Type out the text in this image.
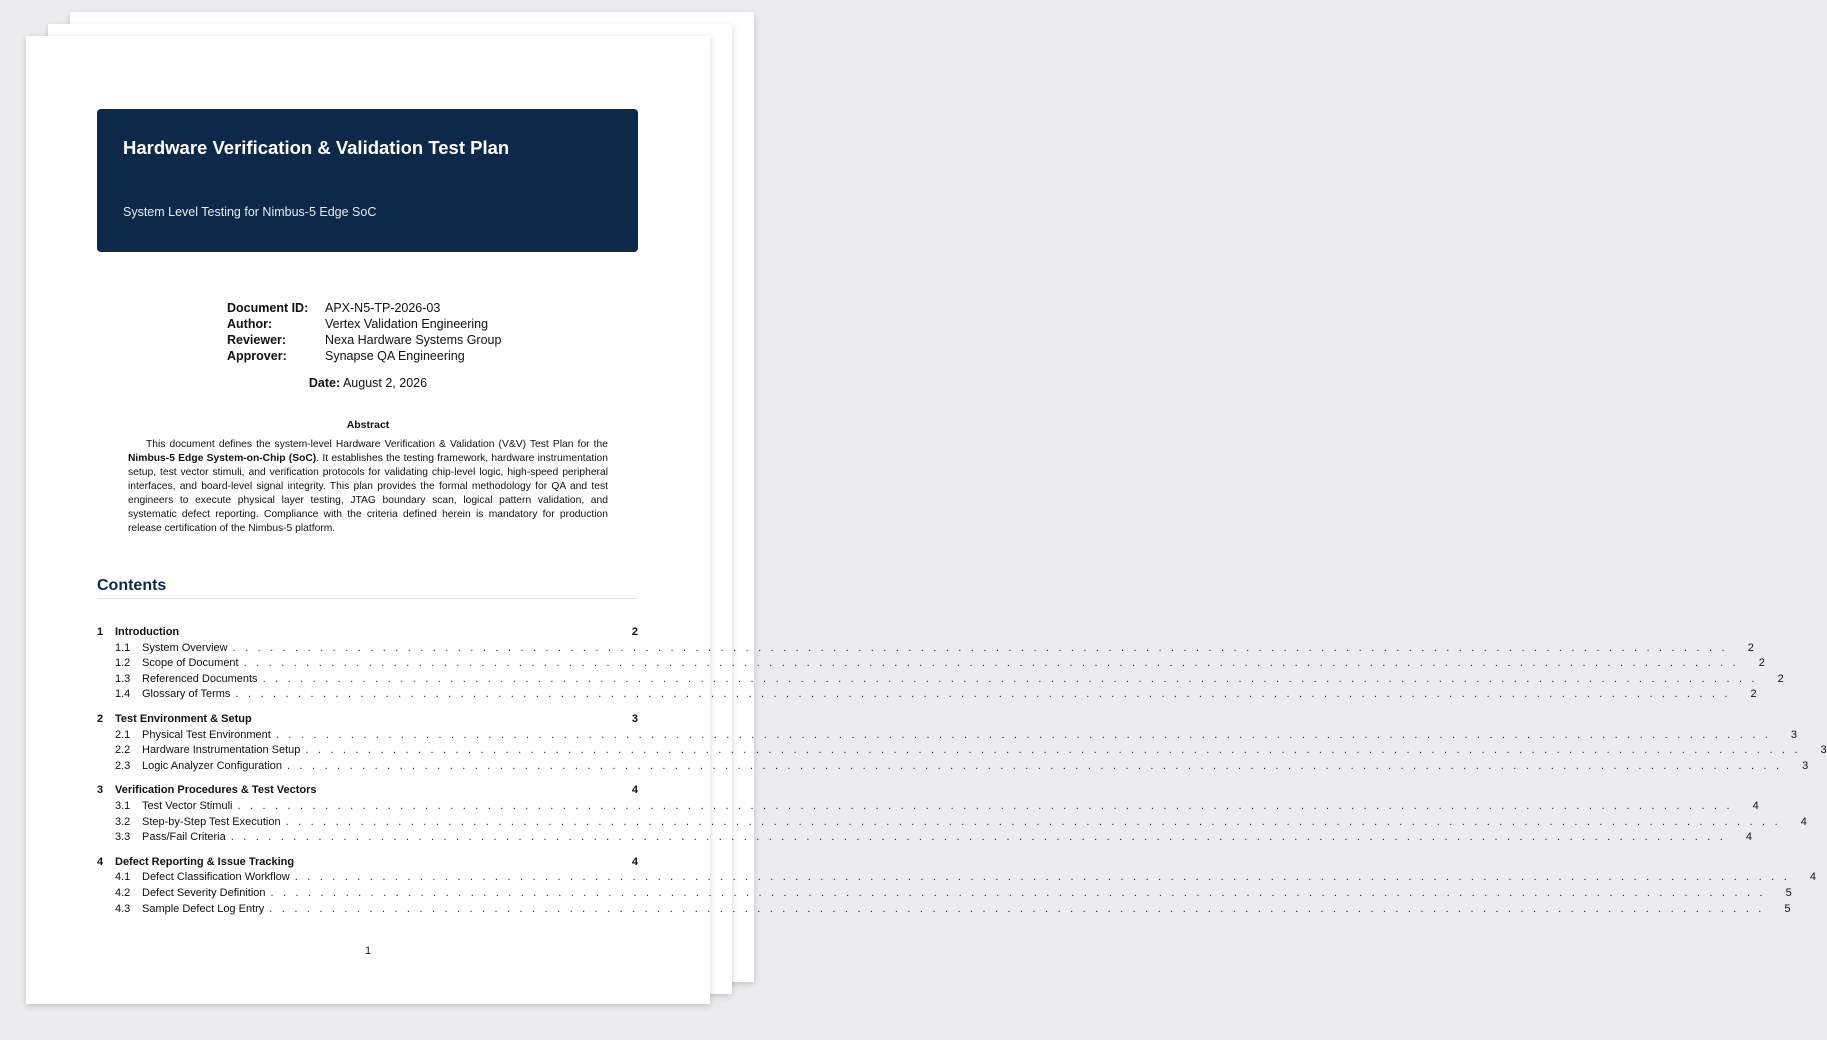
Hardware Verification & Validation Test Plan
System Level Testing for Nimbus-5 Edge SoC
Document ID: APX-N5-TP-2026-03
Author:	Vertex Validation Engineering
Reviewer:	Nexa Hardware Systems Group
Approver:	Synapse QA Engineering
Date: August 2, 2026
Abstract
This document defines the system-level Hardware Verification & Validation (V&V) Test Plan for the Nimbus-5 Edge System-on-Chip (SoC). It establishes the testing framework, hardware instrumentation setup, test vector stimuli, and verification protocols for validating chip-level logic, high-speed peripheral interfaces, and board-level signal integrity. This plan provides the formal methodology for QA and test engineers to execute physical layer testing, JTAG boundary scan, logical pattern validation, and systematic defect reporting. Compliance with the criteria defined herein is mandatory for production release certification of the Nimbus-5 platform.
Contents
1	Introduction	2
1.1	System Overview . . . . . . . . . . . . . . . . . . . . . . . . . . . . . . . . . . . . . . . . . . . . . . . . . . . . . . . . . . . . . . . . . . . . . . . . . . . . . . . . . . . . . . . . . . . . . . . . . . . . . . . . . . . . . . . . . . . . . . . .	2
1.2	Scope of Document . . . . . . . . . . . . . . . . . . . . . . . . . . . . . . . . . . . . . . . . . . . . . . . . . . . . . . . . . . . . . . . . . . . . . . . . . . . . . . . . . . . . . . . . . . . . . . . . . . . . . . . . . . . . . . . . . . . . . . . .	2
1.3	Referenced Documents . . . . . . . . . . . . . . . . . . . . . . . . . . . . . . . . . . . . . . . . . . . . . . . . . . . . . . . . . . . . . . . . . . . . . . . . . . . . . . . . . . . . . . . . . . . . . . . . . . . . . . . . . . . . . . . . . . . . . . . .	2
1.4	Glossary of Terms . . . . . . . . . . . . . . . . . . . . . . . . . . . . . . . . . . . . . . . . . . . . . . . . . . . . . . . . . . . . . . . . . . . . . . . . . . . . . . . . . . . . . . . . . . . . . . . . . . . . . . . . . . . . . . . . . . . . . . . .	2
2	Test Environment & Setup	3
2.1	Physical Test Environment . . . . . . . . . . . . . . . . . . . . . . . . . . . . . . . . . . . . . . . . . . . . . . . . . . . . . . . . . . . . . . . . . . . . . . . . . . . . . . . . . . . . . . . . . . . . . . . . . . . . . . . . . . . . . . . . . . . . . . . .	3
2.2	Hardware Instrumentation Setup . . . . . . . . . . . . . . . . . . . . . . . . . . . . . . . . . . . . . . . . . . . . . . . . . . . . . . . . . . . . . . . . . . . . . . . . . . . . . . . . . . . . . . . . . . . . . . . . . . . . . . . . . . . . . . . . . . . . . . . .	3
2.3	Logic Analyzer Configuration . . . . . . . . . . . . . . . . . . . . . . . . . . . . . . . . . . . . . . . . . . . . . . . . . . . . . . . . . . . . . . . . . . . . . . . . . . . . . . . . . . . . . . . . . . . . . . . . . . . . . . . . . . . . . . . . . . . . . . . .	3
3	Verification Procedures & Test Vectors	4
3.1	Test Vector Stimuli . . . . . . . . . . . . . . . . . . . . . . . . . . . . . . . . . . . . . . . . . . . . . . . . . . . . . . . . . . . . . . . . . . . . . . . . . . . . . . . . . . . . . . . . . . . . . . . . . . . . . . . . . . . . . . . . . . . . . . . .	4
3.2	Step-by-Step Test Execution . . . . . . . . . . . . . . . . . . . . . . . . . . . . . . . . . . . . . . . . . . . . . . . . . . . . . . . . . . . . . . . . . . . . . . . . . . . . . . . . . . . . . . . . . . . . . . . . . . . . . . . . . . . . . . . . . . . . . . . .	4
3.3	Pass/Fail Criteria . . . . . . . . . . . . . . . . . . . . . . . . . . . . . . . . . . . . . . . . . . . . . . . . . . . . . . . . . . . . . . . . . . . . . . . . . . . . . . . . . . . . . . . . . . . . . . . . . . . . . . . . . . . . . . . . . . . . . . . .	4
4	Defect Reporting & Issue Tracking	4
4.1	Defect Classification Workflow . . . . . . . . . . . . . . . . . . . . . . . . . . . . . . . . . . . . . . . . . . . . . . . . . . . . . . . . . . . . . . . . . . . . . . . . . . . . . . . . . . . . . . . . . . . . . . . . . . . . . . . . . . . . . . . . . . . . . . . .	4
4.2	Defect Severity Definition . . . . . . . . . . . . . . . . . . . . . . . . . . . . . . . . . . . . . . . . . . . . . . . . . . . . . . . . . . . . . . . . . . . . . . . . . . . . . . . . . . . . . . . . . . . . . . . . . . . . . . . . . . . . . . . . . . . . . . . .	5
4.3	Sample Defect Log Entry . . . . . . . . . . . . . . . . . . . . . . . . . . . . . . . . . . . . . . . . . . . . . . . . . . . . . . . . . . . . . . . . . . . . . . . . . . . . . . . . . . . . . . . . . . . . . . . . . . . . . . . . . . . . . . . . . . . . . . . .	5
1
